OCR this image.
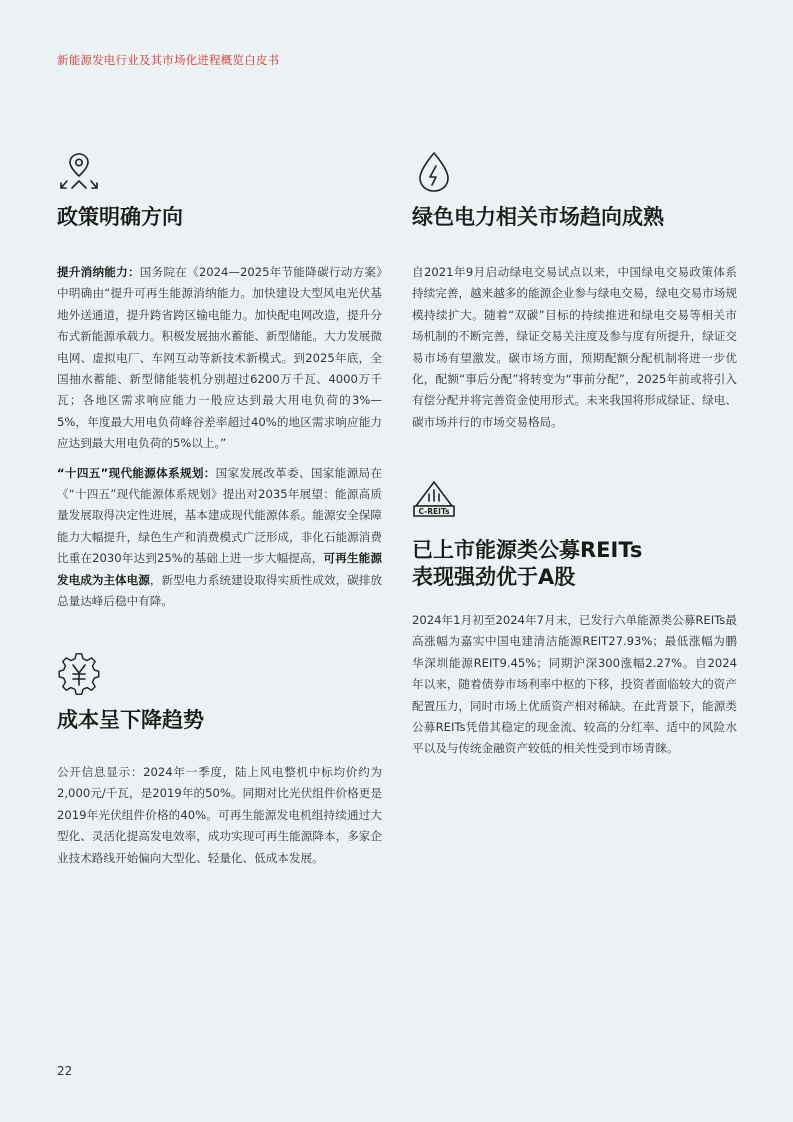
新能源发电行业及其市场化进程概览白皮书
政策明确方向

提升消纳能力：国务院在《2024—2025年节能降碳行动方案》中明确由“提升可再生能源消纳能力。加快建设大型风电光伏基地外送通道，提升跨省跨区输电能力。加快配电网改造，提升分布式新能源承载力。积极发展抽水蓄能、新型储能。大力发展微电网、虚拟电厂、车网互动等新技术新模式。到2025年底，全国抽水蓄能、新型储能装机分别超过6200万千瓦、4000万千瓦；各地区需求响应能力一般应达到最大用电负荷的3%—5%，年度最大用电负荷峰谷差率超过40%的地区需求响应能力应达到最大用电负荷的5%以上。”

“十四五”现代能源体系规划：国家发展改革委、国家能源局在《“十四五”现代能源体系规划》提出对2035年展望：能源高质量发展取得决定性进展，基本建成现代能源体系。能源安全保障能力大幅提升，绿色生产和消费模式广泛形成，非化石能源消费比重在2030年达到25%的基础上进一步大幅提高，可再生能源发电成为主体电源，新型电力系统建设取得实质性成效，碳排放总量达峰后稳中有降。

成本呈下降趋势

公开信息显示：2024年一季度，陆上风电整机中标均价约为2,000元/千瓦，是2019年的50%。同期对比光伏组件价格更是2019年光伏组件价格的40%。可再生能源发电机组持续通过大型化、灵活化提高发电效率，成功实现可再生能源降本，多家企业技术路线开始偏向大型化、轻量化、低成本发展。

绿色电力相关市场趋向成熟

自2021年9月启动绿电交易试点以来，中国绿电交易政策体系持续完善，越来越多的能源企业参与绿电交易，绿电交易市场规模持续扩大。随着“双碳”目标的持续推进和绿电交易等相关市场机制的不断完善，绿证交易关注度及参与度有所提升，绿证交易市场有望激发。碳市场方面，预期配额分配机制将进一步优化，配额“事后分配”将转变为“事前分配”，2025年前或将引入有偿分配并将完善资金使用形式。未来我国将形成绿证、绿电、碳市场并行的市场交易格局。

C-REITs
已上市能源类公募REITs
表现强劲优于A股

2024年1月初至2024年7月末，已发行六单能源类公募REITs最高涨幅为嘉实中国电建清洁能源REIT27.93%；最低涨幅为鹏华深圳能源REIT9.45%；同期沪深300涨幅2.27%。自2024年以来，随着债券市场利率中枢的下移，投资者面临较大的资产配置压力，同时市场上优质资产相对稀缺。在此背景下，能源类公募REITs凭借其稳定的现金流、较高的分红率、适中的风险水平以及与传统金融资产较低的相关性受到市场青睐。

22
